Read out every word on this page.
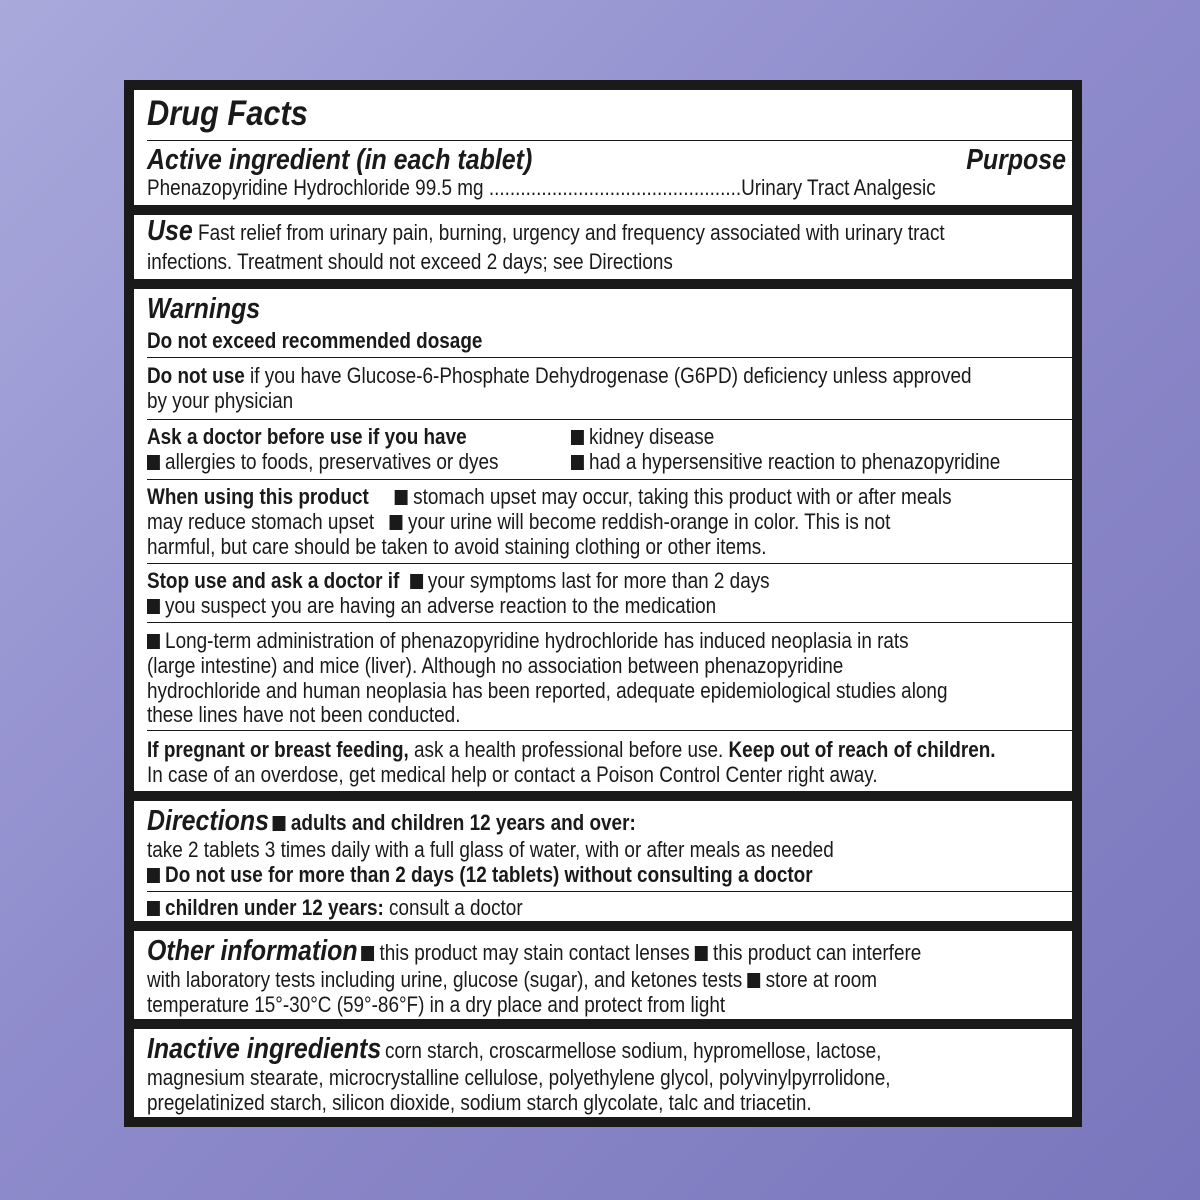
Drug Facts
Active ingredient (in each tablet)	Purpose
Phenazopyridine Hydrochloride 99.5 mg ................................................Urinary Tract Analgesic
Use Fast relief from urinary pain, burning, urgency and frequency associated with urinary tract
infections. Treatment should not exceed 2 days; see Directions
Warnings
Do not exceed recommended dosage
Do not use if you have Glucose-6-Phosphate Dehydrogenase (G6PD) deficiency unless approved
by your physician
Ask a doctor before use if you have	kidney disease
allergies to foods, preservatives or dyes	had a hypersensitive reaction to phenazopyridine
When using this product stomach upset may occur, taking this product with or after meals
may reduce stomach upset your urine will become reddish-orange in color. This is not
harmful, but care should be taken to avoid staining clothing or other items.
Stop use and ask a doctor if your symptoms last for more than 2 days
you suspect you are having an adverse reaction to the medication
Long-term administration of phenazopyridine hydrochloride has induced neoplasia in rats
(large intestine) and mice (liver). Although no association between phenazopyridine
hydrochloride and human neoplasia has been reported, adequate epidemiological studies along
these lines have not been conducted.
If pregnant or breast feeding, ask a health professional before use. Keep out of reach of children.
In case of an overdose, get medical help or contact a Poison Control Center right away.
Directions adults and children 12 years and over:
take 2 tablets 3 times daily with a full glass of water, with or after meals as needed
Do not use for more than 2 days (12 tablets) without consulting a doctor
children under 12 years: consult a doctor
Other information this product may stain contact lenses this product can interfere
with laboratory tests including urine, glucose (sugar), and ketones tests store at room
temperature 15°-30°C (59°-86°F) in a dry place and protect from light
Inactive ingredients corn starch, croscarmellose sodium, hypromellose, lactose,
magnesium stearate, microcrystalline cellulose, polyethylene glycol, polyvinylpyrrolidone,
pregelatinized starch, silicon dioxide, sodium starch glycolate, talc and triacetin.
